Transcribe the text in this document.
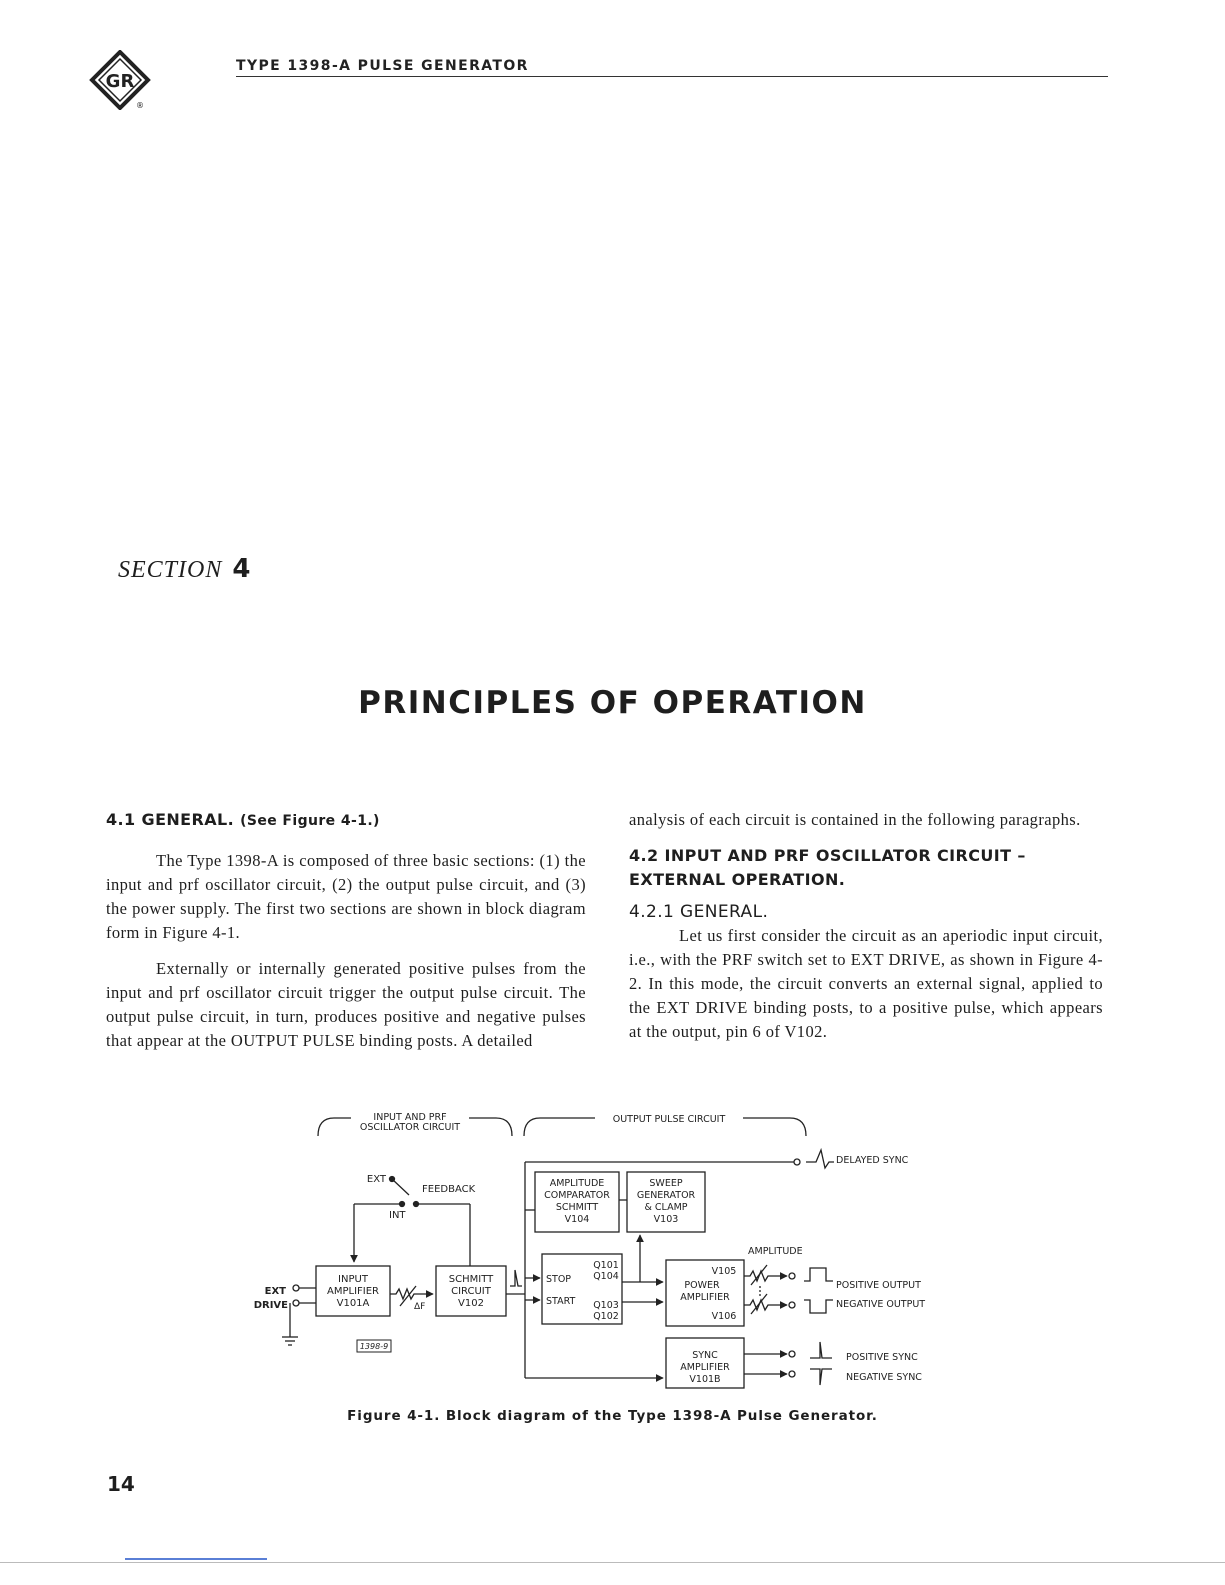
GR
®
TYPE 1398-A PULSE GENERATOR
SECTION 4
PRINCIPLES OF OPERATION

4.1 GENERAL. (See Figure 4-1.)

The Type 1398-A is composed of three basic sections: (1) the input and prf oscillator circuit, (2) the output pulse circuit, and (3) the power supply. The first two sections are shown in block diagram form in Figure 4-1.

Externally or internally generated positive pulses from the input and prf oscillator circuit trigger the output pulse circuit. The output pulse circuit, in turn, produces positive and negative pulses that appear at the OUTPUT PULSE binding posts. A detailed

analysis of each circuit is contained in the following paragraphs.

4.2 INPUT AND PRF OSCILLATOR CIRCUIT – EXTERNAL OPERATION.

4.2.1 GENERAL.

Let us first consider the circuit as an aperiodic input circuit, i.e., with the PRF switch set to EXT DRIVE, as shown in Figure 4-2. In this mode, the circuit converts an external signal, applied to the EXT DRIVE binding posts, to a positive pulse, which appears at the output, pin 6 of V102.

INPUT AND PRF
OSCILLATOR CIRCUIT
OUTPUT PULSE CIRCUIT
EXT
FEEDBACK
INT
EXT
DRIVE	ΔF
INPUT
AMPLIFIER
V101A
SCHMITT
CIRCUIT
V102
AMPLITUDE
COMPARATOR
SCHMITT
V104
SWEEP
GENERATOR
& CLAMP
V103
Q101
Q104
STOP
START Q103
Q102
V105
POWER
AMPLIFIER
V106
AMPLITUDE
SYNC
AMPLIFIER
V101B
DELAYED SYNC
POSITIVE OUTPUT
NEGATIVE OUTPUT
POSITIVE SYNC
NEGATIVE SYNC
1398-9
Figure 4-1. Block diagram of the Type 1398-A Pulse Generator.
14
